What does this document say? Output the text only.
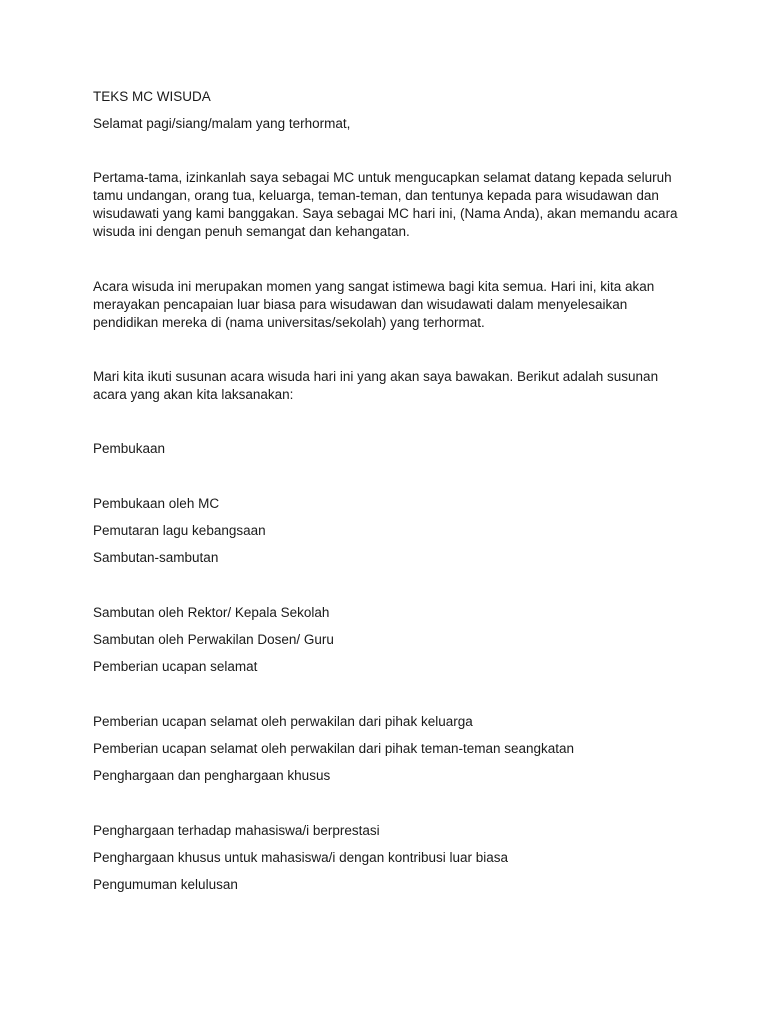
TEKS MC WISUDA

Selamat pagi/siang/malam yang terhormat,

Pertama-tama, izinkanlah saya sebagai MC untuk mengucapkan selamat datang kepada seluruh tamu undangan, orang tua, keluarga, teman-teman, dan tentunya kepada para wisudawan dan wisudawati yang kami banggakan. Saya sebagai MC hari ini, (Nama Anda), akan memandu acara wisuda ini dengan penuh semangat dan kehangatan.

Acara wisuda ini merupakan momen yang sangat istimewa bagi kita semua. Hari ini, kita akan merayakan pencapaian luar biasa para wisudawan dan wisudawati dalam menyelesaikan pendidikan mereka di (nama universitas/sekolah) yang terhormat.

Mari kita ikuti susunan acara wisuda hari ini yang akan saya bawakan. Berikut adalah susunan acara yang akan kita laksanakan:

Pembukaan

Pembukaan oleh MC

Pemutaran lagu kebangsaan

Sambutan-sambutan

Sambutan oleh Rektor/ Kepala Sekolah

Sambutan oleh Perwakilan Dosen/ Guru

Pemberian ucapan selamat

Pemberian ucapan selamat oleh perwakilan dari pihak keluarga

Pemberian ucapan selamat oleh perwakilan dari pihak teman-teman seangkatan

Penghargaan dan penghargaan khusus

Penghargaan terhadap mahasiswa/i berprestasi

Penghargaan khusus untuk mahasiswa/i dengan kontribusi luar biasa

Pengumuman kelulusan
